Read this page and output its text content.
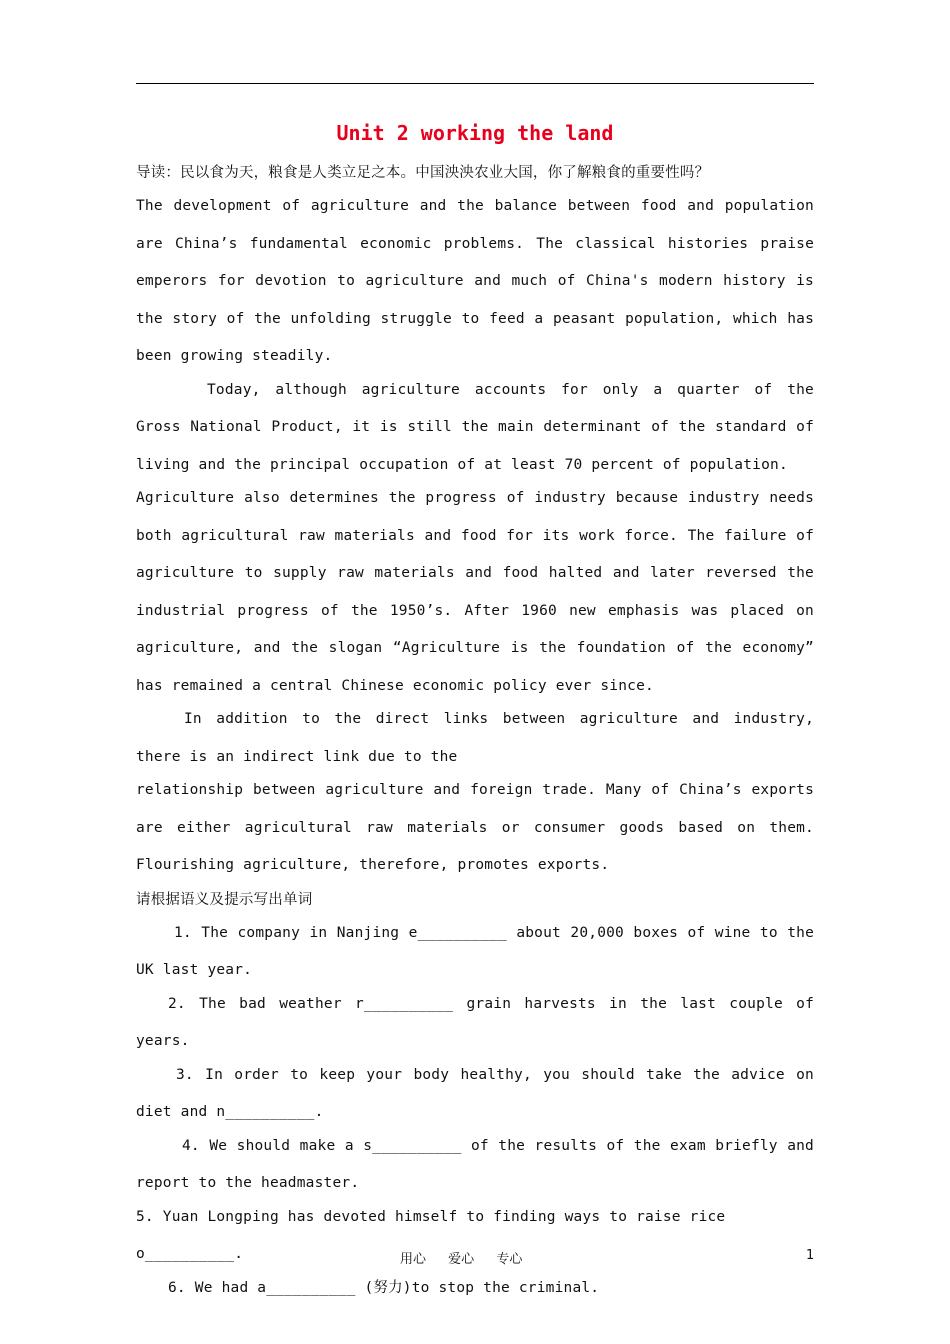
Unit 2 working the land

导读：民以食为天，粮食是人类立足之本。中国泱泱农业大国，你了解粮食的重要性吗？

The development of agriculture and the balance between food and population are China’s fundamental economic problems. The classical histories praise emperors for devotion to agriculture and much of China's modern history is the story of the unfolding struggle to feed a peasant population, which has been growing steadily.

Today, although agriculture accounts for only a quarter of the Gross National Product, it is still the main determinant of the standard of living and the principal occupation of at least 70 percent of population.

Agriculture also determines the progress of industry because industry needs both agricultural raw materials and food for its work force. The failure of agriculture to supply raw materials and food halted and later reversed the industrial progress of the 1950’s. After 1960 new emphasis was placed on agriculture, and the slogan “Agriculture is the foundation of the economy” has remained a central Chinese economic policy ever since.

In addition to the direct links between agriculture and industry, there is an indirect link due to the

relationship between agriculture and foreign trade. Many of China’s exports are either agricultural raw materials or consumer goods based on them. Flourishing agriculture, therefore, promotes exports.

请根据语义及提示写出单词

1. The company in Nanjing e__________ about 20,000 boxes of wine to the UK last year.

2. The bad weather r__________ grain harvests in the last couple of years.

3. In order to keep your body healthy, you should take the advice on diet and n__________.

4. We should make a s__________ of the results of the exam briefly and report to the headmaster.

5. Yuan Longping has devoted himself to finding ways to raise rice o__________.

6. We had a__________ (努力)to stop the criminal.

用心 爱心 专心	1
